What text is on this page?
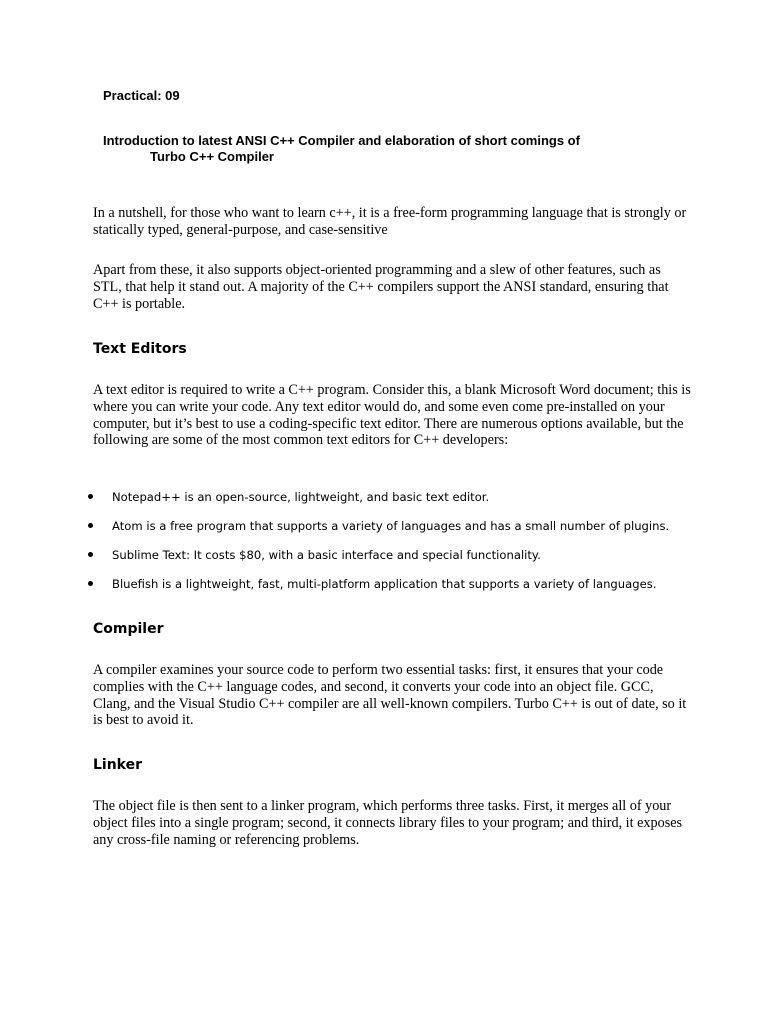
Practical: 09

Introduction to latest ANSI C++ Compiler and elaboration of short comings of
Turbo C++ Compiler

In a nutshell, for those who want to learn c++, it is a free-form programming language that is strongly or statically typed, general-purpose, and case-sensitive

Apart from these, it also supports object-oriented programming and a slew of other features, such as STL, that help it stand out. A majority of the C++ compilers support the ANSI standard, ensuring that C++ is portable.

Text Editors

A text editor is required to write a C++ program. Consider this, a blank Microsoft Word document; this is where you can write your code. Any text editor would do, and some even come pre-installed on your computer, but it’s best to use a coding-specific text editor. There are numerous options available, but the following are some of the most common text editors for C++ developers:

Notepad++ is an open-source, lightweight, and basic text editor.
Atom is a free program that supports a variety of languages and has a small number of plugins.
Sublime Text: It costs $80, with a basic interface and special functionality.
Bluefish is a lightweight, fast, multi-platform application that supports a variety of languages.
Compiler

A compiler examines your source code to perform two essential tasks: first, it ensures that your code complies with the C++ language codes, and second, it converts your code into an object file. GCC, Clang, and the Visual Studio C++ compiler are all well-known compilers. Turbo C++ is out of date, so it is best to avoid it.

Linker

The object file is then sent to a linker program, which performs three tasks. First, it merges all of your object files into a single program; second, it connects library files to your program; and third, it exposes any cross-file naming or referencing problems.
